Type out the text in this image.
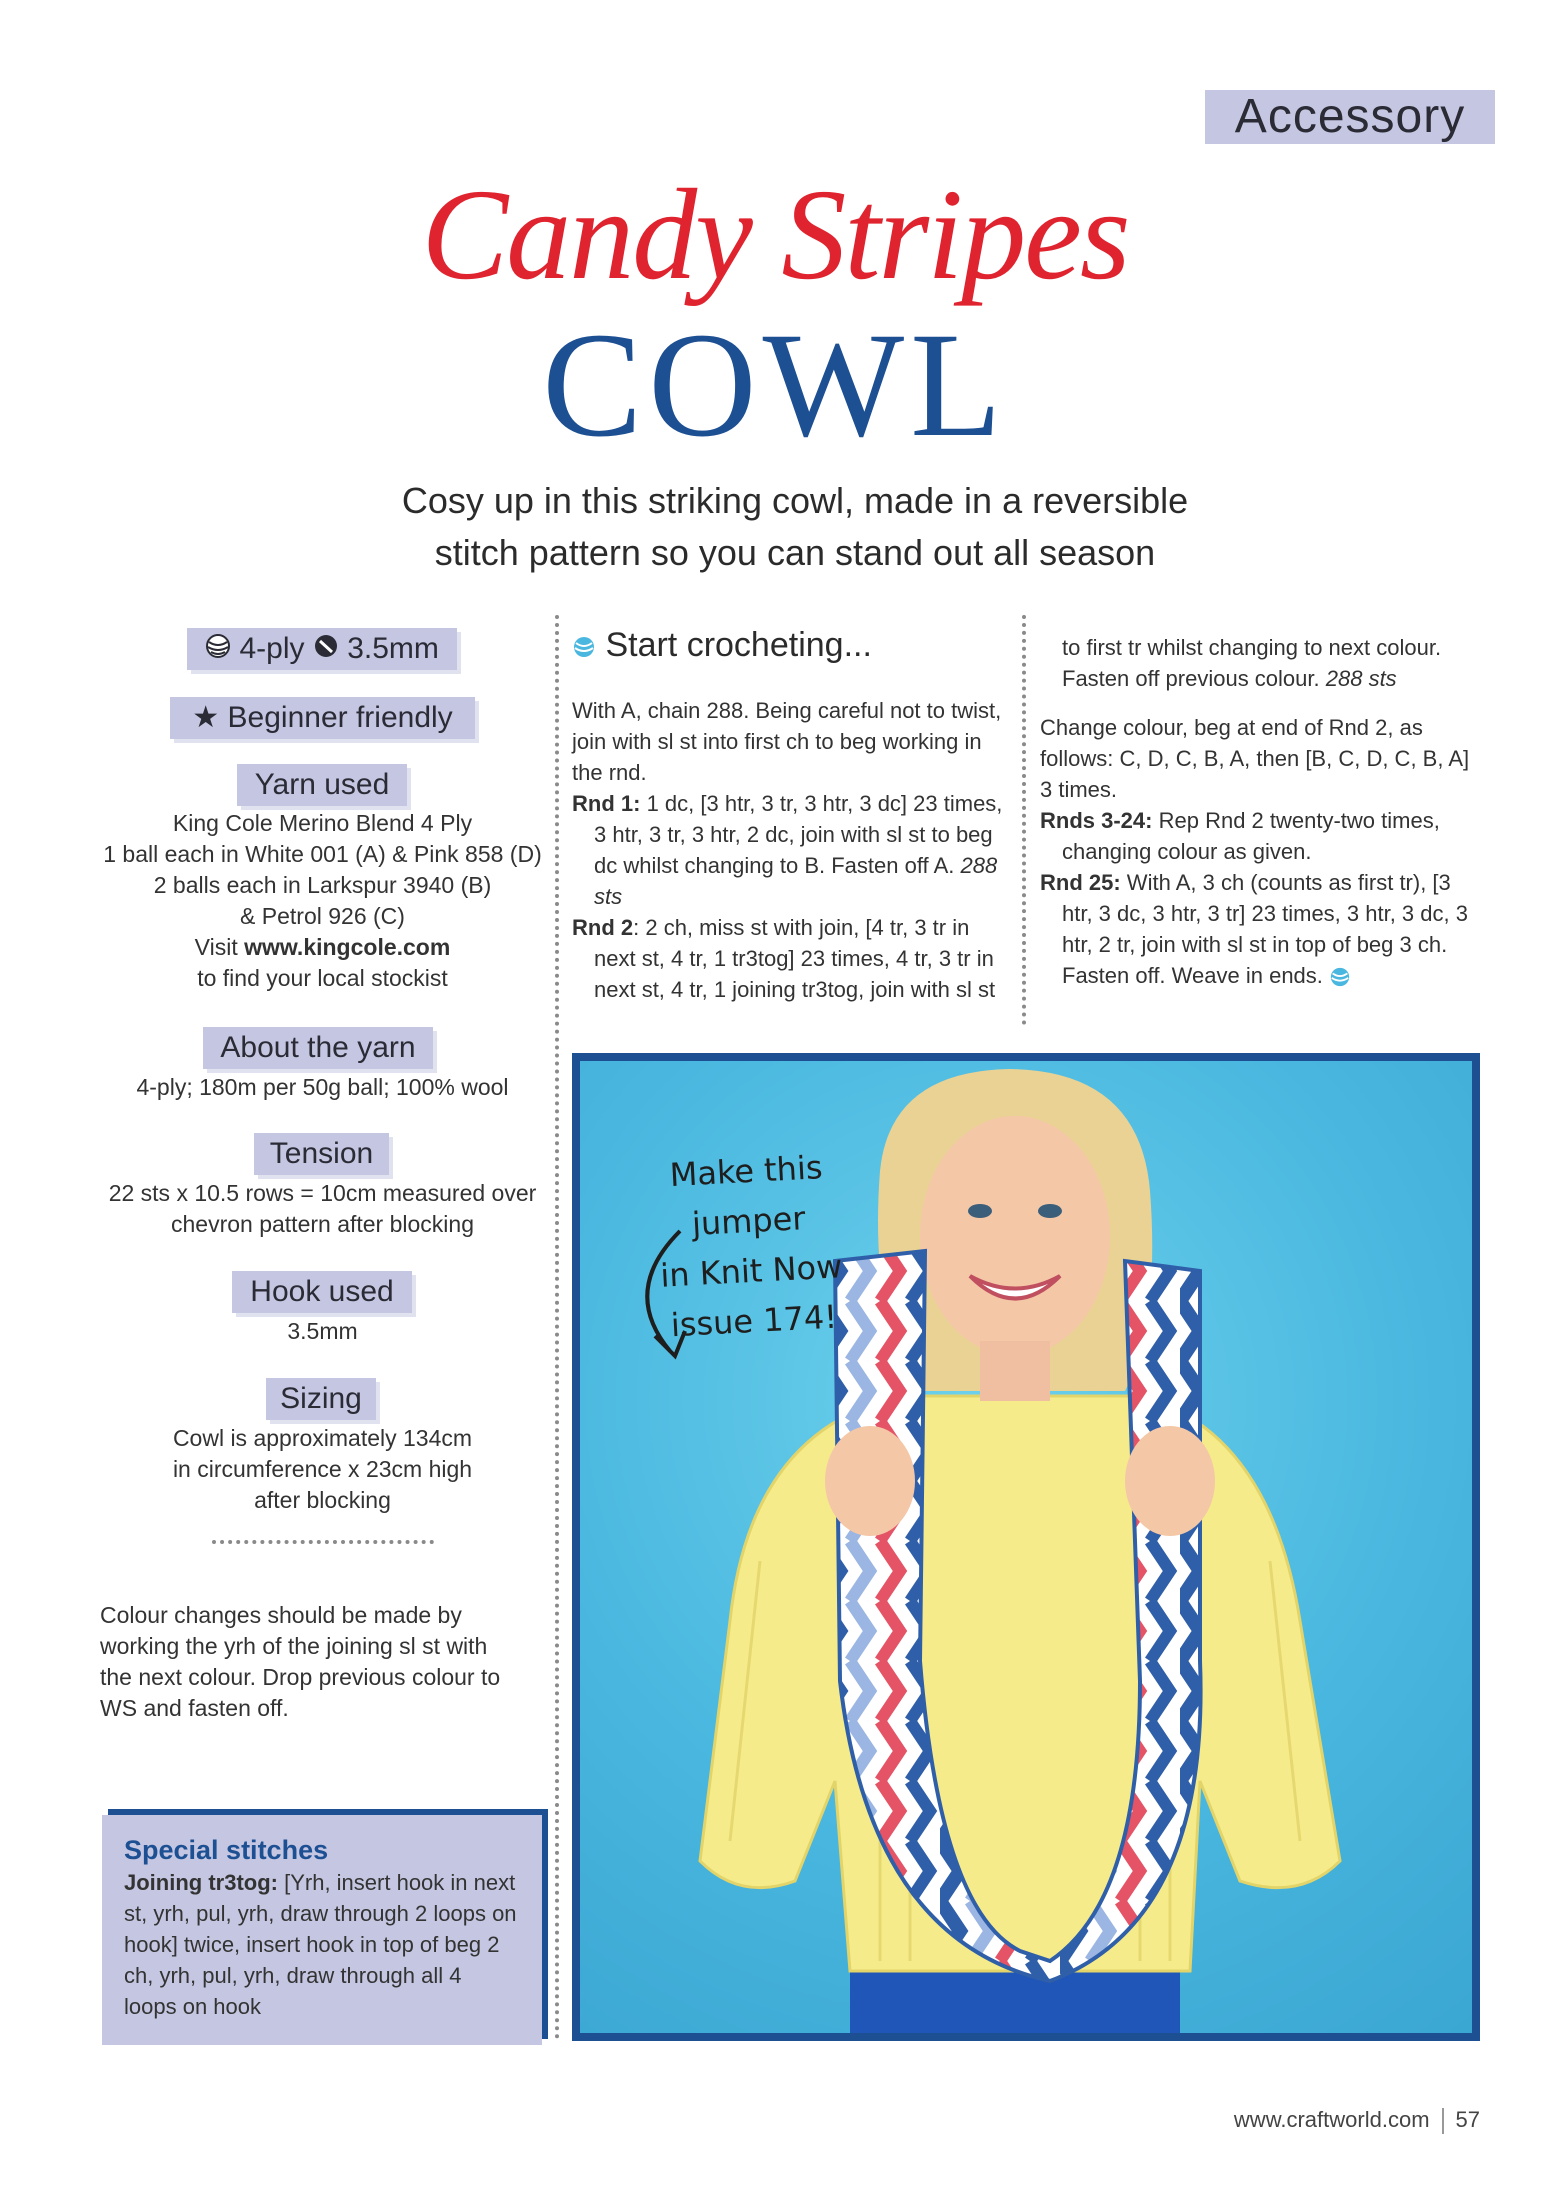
Accessory
Candy Stripes
COWL
Cosy up in this striking cowl, made in a reversible
stitch pattern so you can stand out all season
4-ply 3.5mm
★ Beginner friendly
Yarn used
King Cole Merino Blend 4 Ply
1 ball each in White 001 (A) & Pink 858 (D)
2 balls each in Larkspur 3940 (B)
& Petrol 926 (C)
Visit www.kingcole.com
to find your local stockist
About the yarn
4-ply; 180m per 50g ball; 100% wool
Tension
22 sts x 10.5 rows = 10cm measured over
chevron pattern after blocking
Hook used
3.5mm
Sizing
Cowl is approximately 134cm
in circumference x 23cm high
after blocking
Colour changes should be made by working the yrh of the joining sl st with the next colour. Drop previous colour to WS and fasten off.
Special stitches

Joining tr3tog: [Yrh, insert hook in next st, yrh, pul, yrh, draw through 2 loops on hook] twice, insert hook in top of beg 2 ch, yrh, pul, yrh, draw through all 4 loops on hook

Start crocheting...

With A, chain 288. Being careful not to twist, join with sl st into first ch to beg working in the rnd.

Rnd 1: 1 dc, [3 htr, 3 tr, 3 htr, 3 dc] 23 times, 3 htr, 3 tr, 3 htr, 2 dc, join with sl st to beg dc whilst changing to B. Fasten off A. 288 sts

Rnd 2: 2 ch, miss st with join, [4 tr, 3 tr in next st, 4 tr, 1 tr3tog] 23 times, 4 tr, 3 tr in next st, 4 tr, 1 joining tr3tog, join with sl st

to first tr whilst changing to next colour. Fasten off previous colour. 288 sts

Change colour, beg at end of Rnd 2, as follows: C, D, C, B, A, then [B, C, D, C, B, A] 3 times.

Rnds 3-24: Rep Rnd 2 twenty-two times, changing colour as given.

Rnd 25: With A, 3 ch (counts as first tr), [3 htr, 3 dc, 3 htr, 3 tr] 23 times, 3 htr, 3 dc, 3 htr, 2 tr, join with sl st in top of beg 3 ch. Fasten off. Weave in ends.

Make this jumper
in Knit Now
issue 174!
www.craftworld.com 57
